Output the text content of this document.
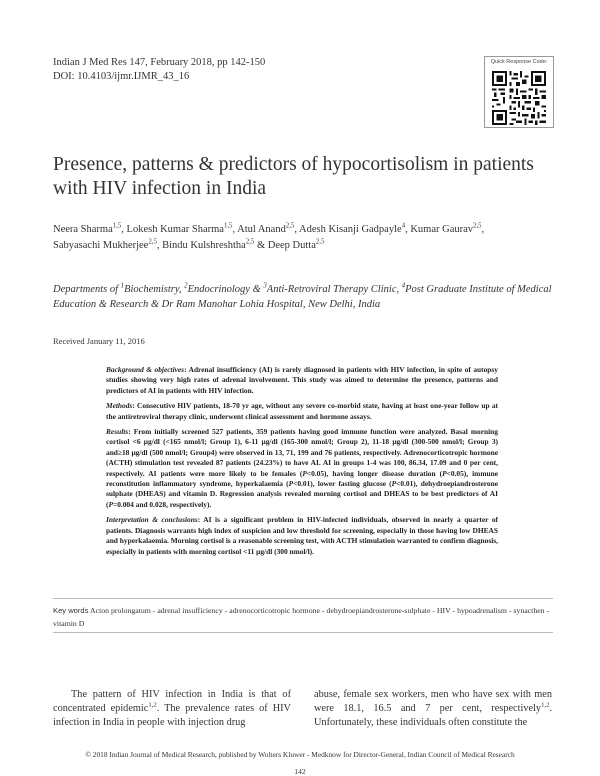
Indian J Med Res 147, February 2018, pp 142-150
DOI: 10.4103/ijmr.IJMR_43_16
Quick Response Code:
Presence, patterns & predictors of hypocortisolism in patients with HIV infection in India
Neera Sharma$^{1,5}$, Lokesh Kumar Sharma$^{1,5}$, Atul Anand$^{2,5}$, Adesh Kisanji Gadpayle$^4$, Kumar Gaurav$^{2,5}$,
Sabyasachi Mukherjee$^{2,5}$, Bindu Kulshreshtha$^{2,5}$ & Deep Dutta$^{2,5}$
Departments of $^1$Biochemistry, $^2$Endocrinology & $^3$Anti-Retroviral Therapy Clinic, $^4$Post Graduate Institute of Medical Education & Research & Dr Ram Manohar Lohia Hospital, New Delhi, India
Received January 11, 2016

Background & objectives: Adrenal insufficiency (AI) is rarely diagnosed in patients with HIV infection, in spite of autopsy studies showing very high rates of adrenal involvement. This study was aimed to determine the presence, patterns and predictors of AI in patients with HIV infection.

Methods: Consecutive HIV patients, 18-70 yr age, without any severe co-morbid state, having at least one-year follow up at the antiretroviral therapy clinic, underwent clinical assessment and hormone assays.

Results: From initially screened 527 patients, 359 patients having good immune function were analyzed. Basal morning cortisol <6 μg/dl (<165 nmol/l; Group 1), 6-11 μg/dl (165-300 nmol/l; Group 2), 11-18 μg/dl (300-500 nmol/l; Group 3) and≥18 μg/dl (500 nmol/l; Group4) were observed in 13, 71, 199 and 76 patients, respectively. Adrenocorticotropic hormone (ACTH) stimulation test revealed 87 patients (24.23%) to have AI. AI in groups 1-4 was 100, 86.34, 17.09 and 0 per cent, respectively. AI patients were more likely to be females (P<0.05), having longer disease duration (P<0.05), immune reconstitution inflammatory syndrome, hyperkalaemia (P<0.01), lower fasting glucose (P<0.01), dehydroepiandrosterone sulphate (DHEAS) and vitamin D. Regression analysis revealed morning cortisol and DHEAS to be best predictors of AI (P=0.004 and 0.028, respectively).

Interpretation & conclusions: AI is a significant problem in HIV-infected individuals, observed in nearly a quarter of patients. Diagnosis warrants high index of suspicion and low threshold for screening, especially in those having low DHEAS and hyperkalaemia. Morning cortisol is a reasonable screening test, with ACTH stimulation warranted to confirm diagnosis, especially in patients with morning cortisol <11 μg/dl (300 nmol/l).

Key words Acton prolongatum - adrenal insufficiency - adrenocorticotropic hormone - dehydroepiandrosterone-sulphate - HIV - hypoadrenalism - synacthen - vitamin D
The pattern of HIV infection in India is that of concentrated epidemic$^{1,2}$. The prevalence rates of HIV infection in India in people with injection drug
abuse, female sex workers, men who have sex with men were 18.1, 16.5 and 7 per cent, respectively$^{1,2}$. Unfortunately, these individuals often constitute the
© 2018 Indian Journal of Medical Research, published by Wolters Kluwer - Medknow for Director-General, Indian Council of Medical Research
142
